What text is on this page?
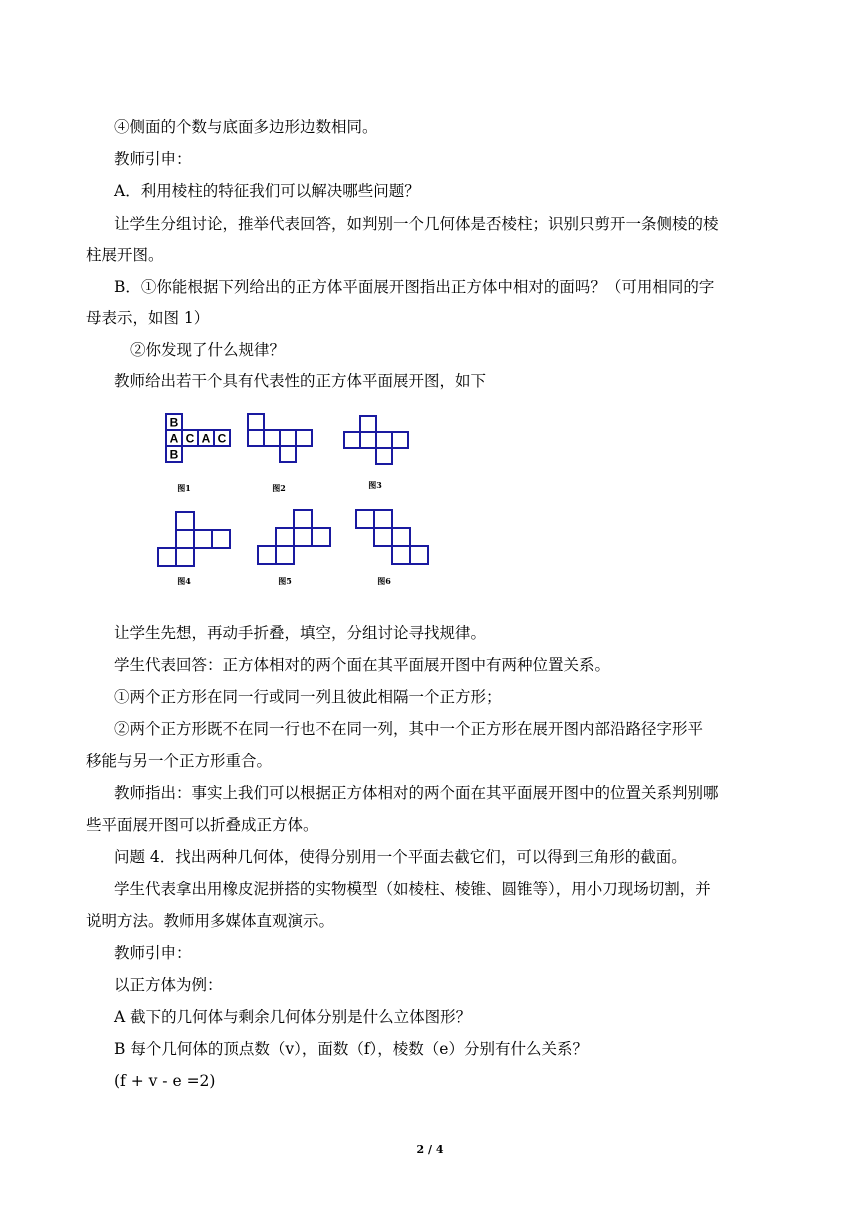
④侧面的个数与底面多边形边数相同。
教师引申：
A．利用棱柱的特征我们可以解决哪些问题？
让学生分组讨论，推举代表回答，如判别一个几何体是否棱柱；识别只剪开一条侧棱的棱
柱展开图。
B．①你能根据下列给出的正方体平面展开图指出正方体中相对的面吗？（可用相同的字
母表示，如图 1）
②你发现了什么规律？
教师给出若干个具有代表性的正方体平面展开图，如下
B
A C A C
B
图1	图2	图3
图4	图5	图6
让学生先想，再动手折叠，填空，分组讨论寻找规律。
学生代表回答：正方体相对的两个面在其平面展开图中有两种位置关系。
①两个正方形在同一行或同一列且彼此相隔一个正方形；
②两个正方形既不在同一行也不在同一列，其中一个正方形在展开图内部沿路径字形平
移能与另一个正方形重合。
教师指出：事实上我们可以根据正方体相对的两个面在其平面展开图中的位置关系判别哪
些平面展开图可以折叠成正方体。
问题 4．找出两种几何体，使得分别用一个平面去截它们，可以得到三角形的截面。
学生代表拿出用橡皮泥拼搭的实物模型（如棱柱、棱锥、圆锥等），用小刀现场切割，并
说明方法。教师用多媒体直观演示。
教师引申：
以正方体为例：
A 截下的几何体与剩余几何体分别是什么立体图形？
B 每个几何体的顶点数（v），面数（f），棱数（e）分别有什么关系？
(f + v - e =2)
2 / 4
